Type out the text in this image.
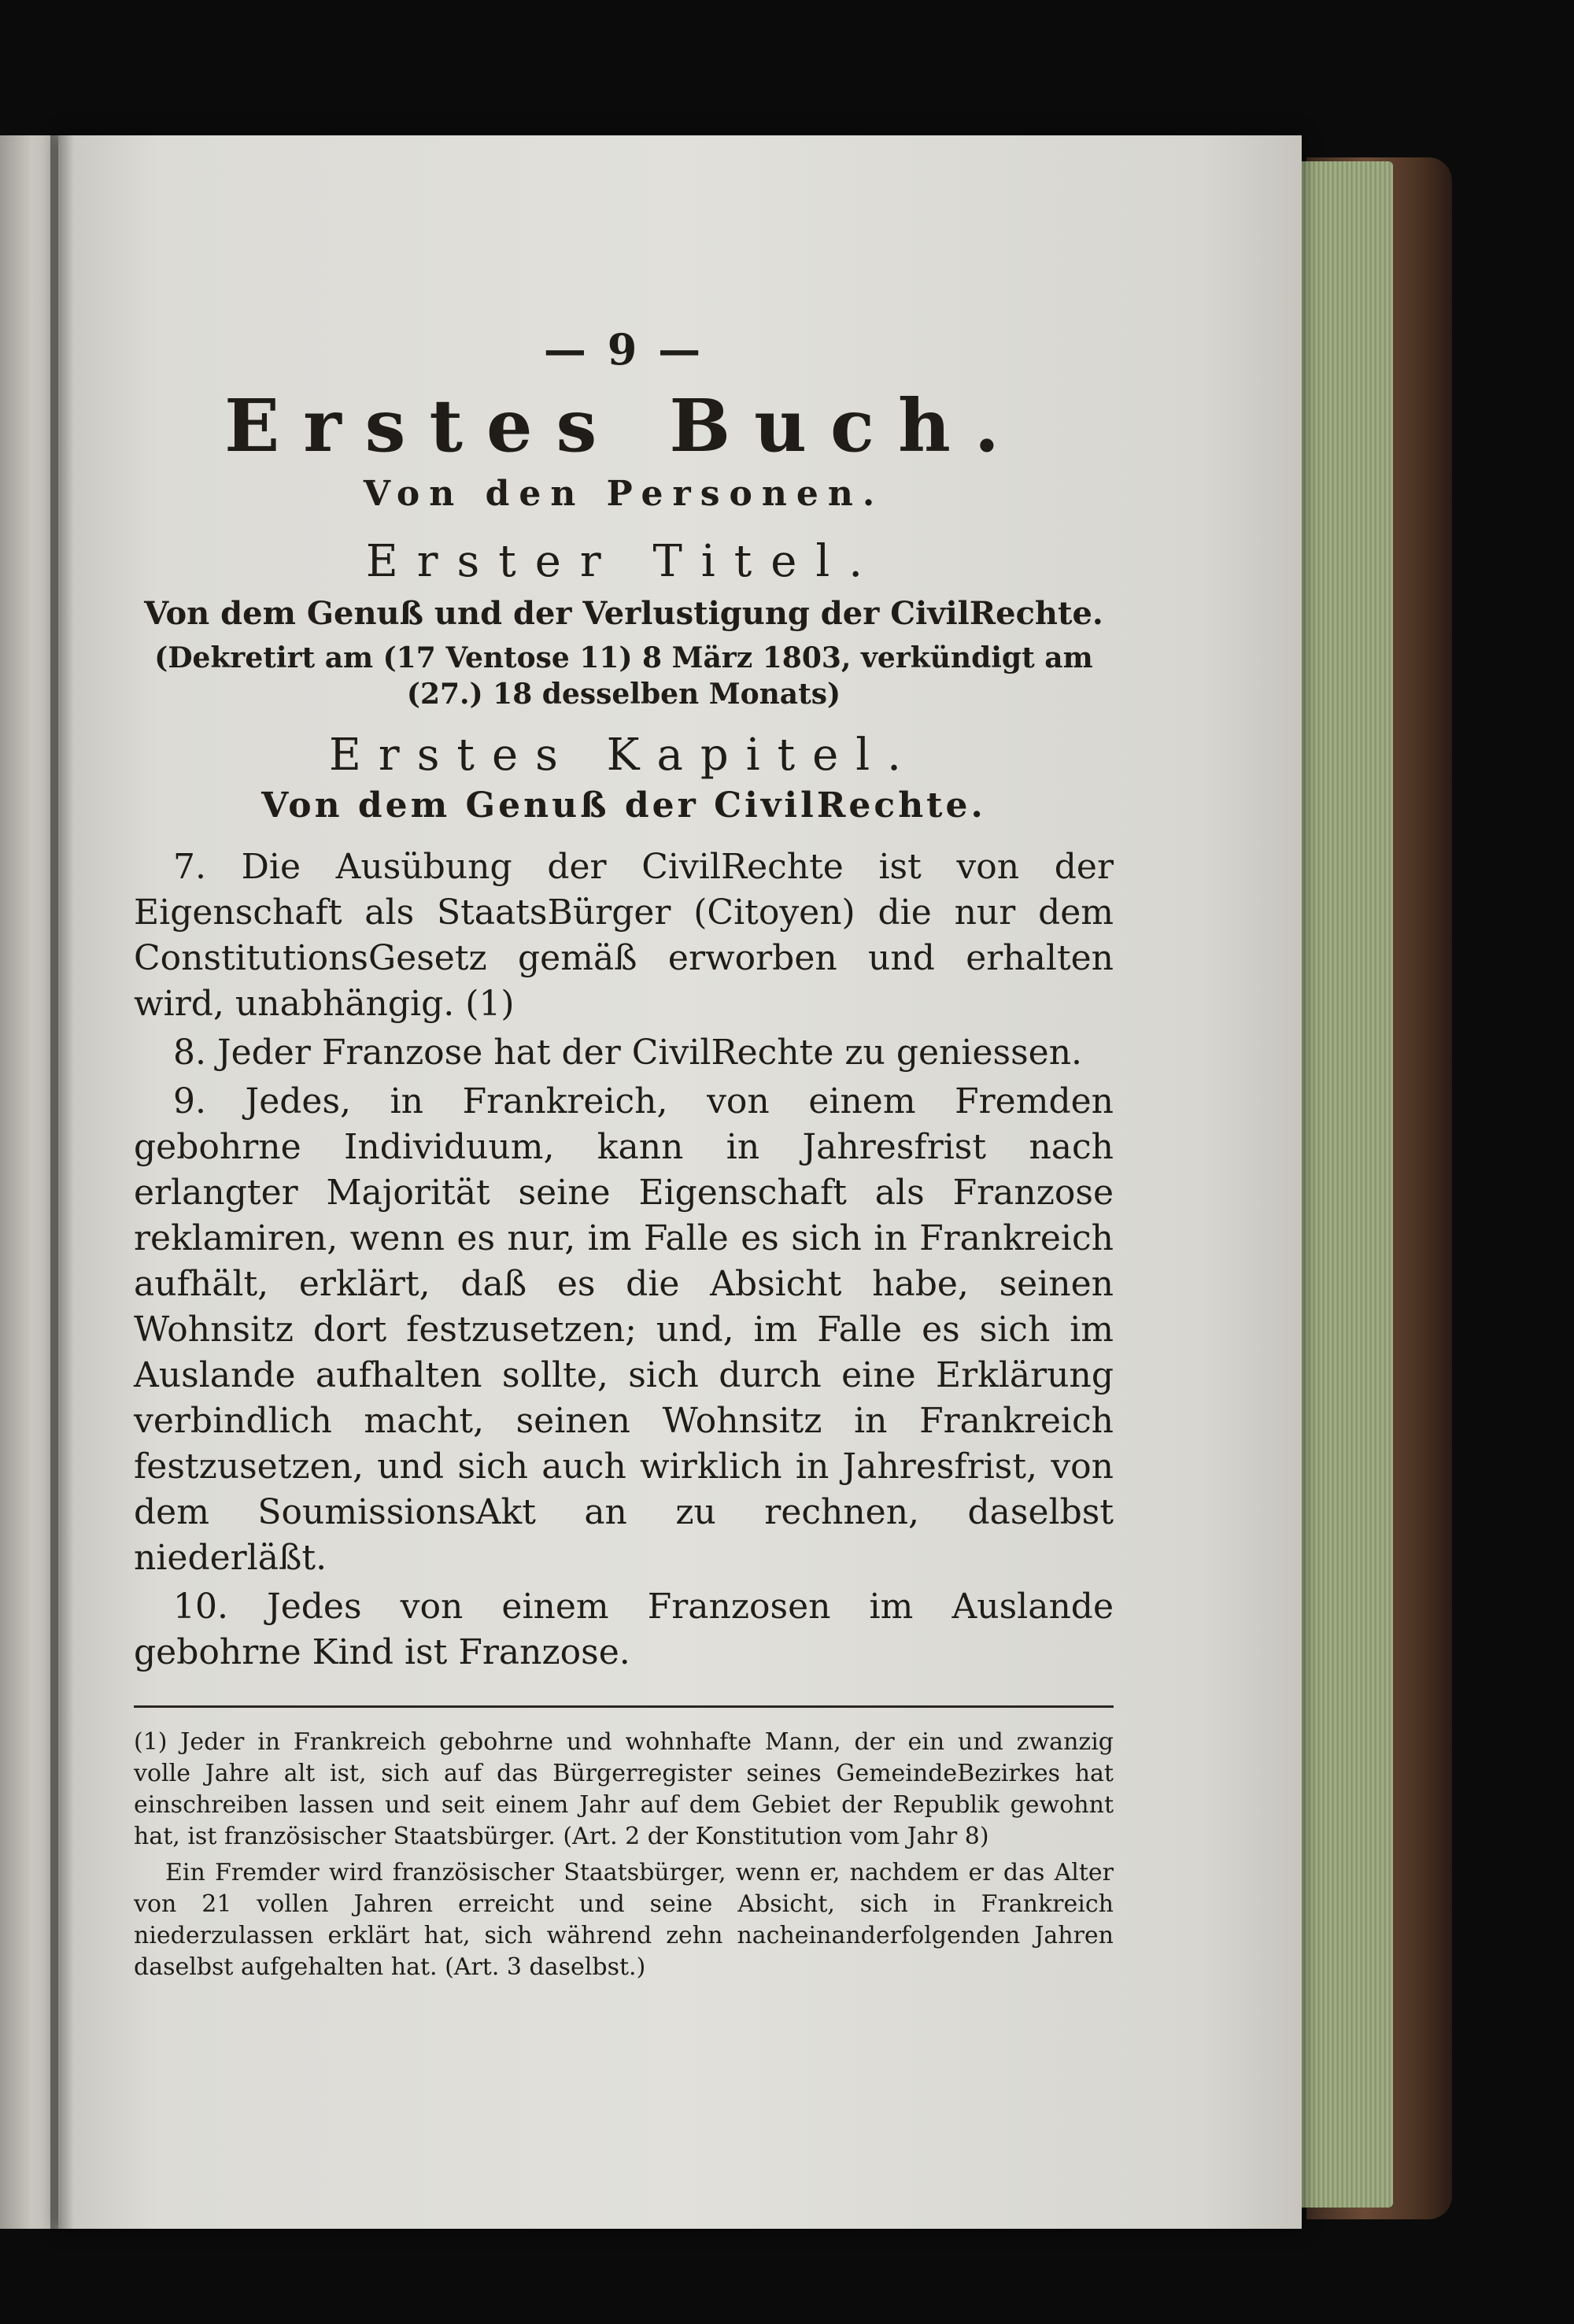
— 9 —
Erstes Buch.
Von den Personen.
Erster Titel.
Von dem Genuß und der Verlustigung der CivilRechte.
(Dekretirt am (17 Ventose 11) 8 März 1803, verkündigt am (27.) 18 desselben Monats)
Erstes Kapitel.
Von dem Genuß der CivilRechte.

7. Die Ausübung der CivilRechte ist von der Eigenschaft als StaatsBürger (Citoyen) die nur dem ConstitutionsGesetz gemäß erworben und erhalten wird, unabhängig. (1)

8. Jeder Franzose hat der CivilRechte zu geniessen.

9. Jedes, in Frankreich, von einem Fremden gebohrne Individuum, kann in Jahresfrist nach erlangter Majorität seine Eigenschaft als Franzose reklamiren, wenn es nur, im Falle es sich in Frankreich aufhält, erklärt, daß es die Absicht habe, seinen Wohnsitz dort festzusetzen; und, im Falle es sich im Auslande aufhalten sollte, sich durch eine Erklärung verbindlich macht, seinen Wohnsitz in Frankreich festzusetzen, und sich auch wirklich in Jahresfrist, von dem SoumissionsAkt an zu rechnen, daselbst niederläßt.

10. Jedes von einem Franzosen im Auslande gebohrne Kind ist Franzose.

(1) Jeder in Frankreich gebohrne und wohnhafte Mann, der ein und zwanzig volle Jahre alt ist, sich auf das Bürgerregister seines GemeindeBezirkes hat einschreiben lassen und seit einem Jahr auf dem Gebiet der Republik gewohnt hat, ist französischer Staatsbürger. (Art. 2 der Konstitution vom Jahr 8)

Ein Fremder wird französischer Staatsbürger, wenn er, nachdem er das Alter von 21 vollen Jahren erreicht und seine Absicht, sich in Frankreich niederzulassen erklärt hat, sich während zehn nacheinanderfolgenden Jahren daselbst aufgehalten hat. (Art. 3 daselbst.)
